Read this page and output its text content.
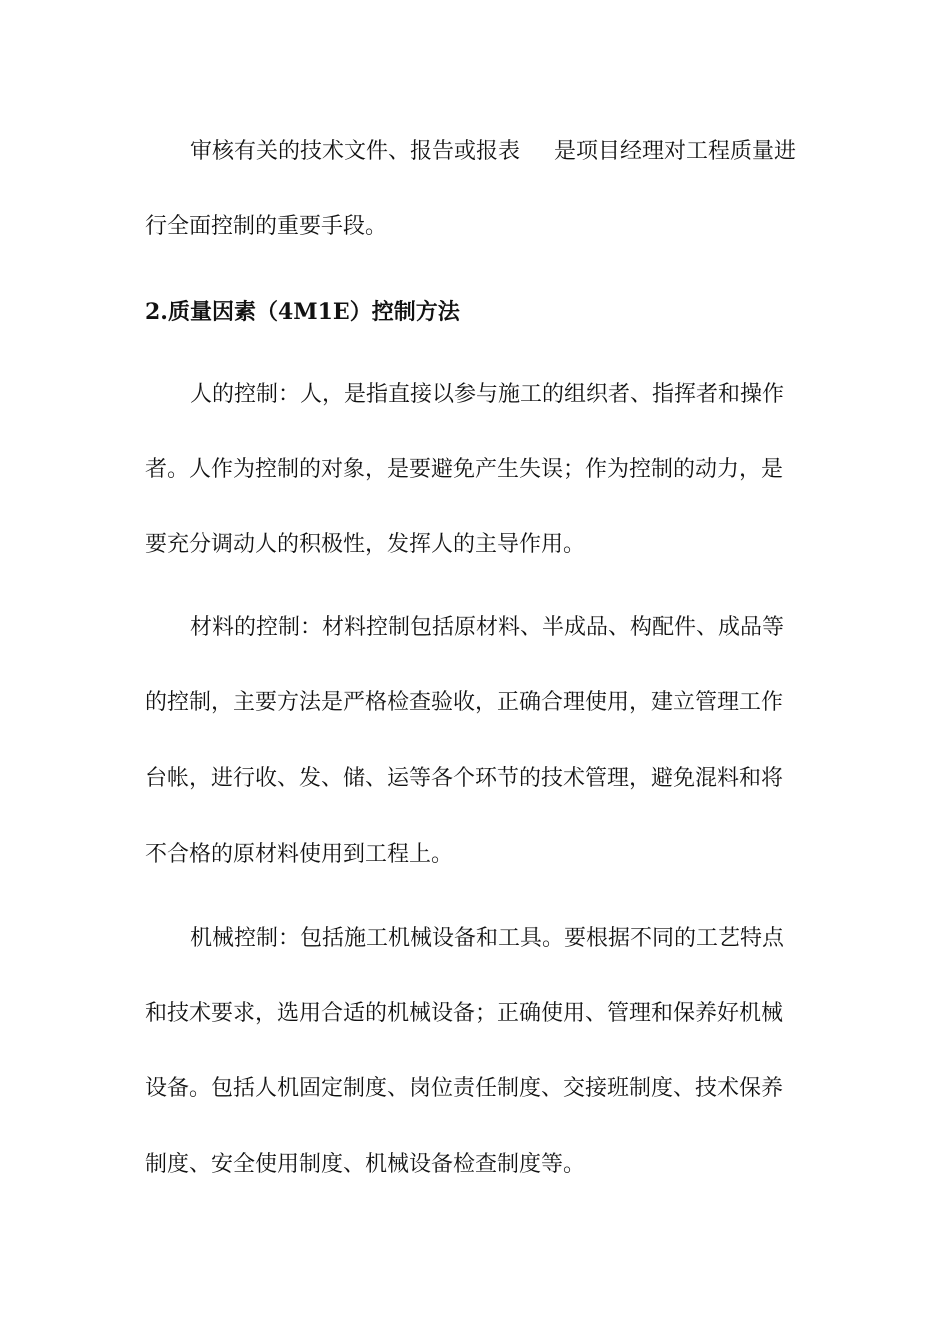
审核有关的技术文件、报告或报表 是项目经理对工程质量进
行全面控制的重要手段。
2.质量因素（4M1E）控制方法
人的控制：人，是指直接以参与施工的组织者、指挥者和操作
者。人作为控制的对象，是要避免产生失误；作为控制的动力，是
要充分调动人的积极性，发挥人的主导作用。
材料的控制：材料控制包括原材料、半成品、构配件、成品等
的控制，主要方法是严格检查验收，正确合理使用，建立管理工作
台帐，进行收、发、储、运等各个环节的技术管理，避免混料和将
不合格的原材料使用到工程上。
机械控制：包括施工机械设备和工具。要根据不同的工艺特点
和技术要求，选用合适的机械设备；正确使用、管理和保养好机械
设备。包括人机固定制度、岗位责任制度、交接班制度、技术保养
制度、安全使用制度、机械设备检查制度等。
